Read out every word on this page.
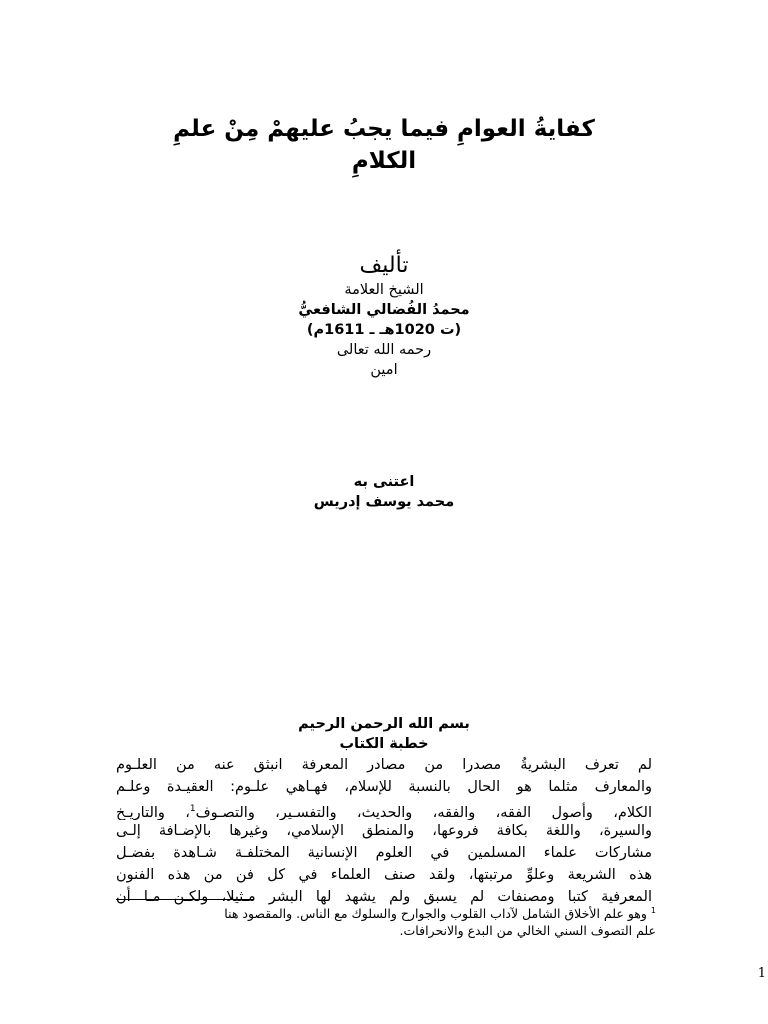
كفايةُ العوامِ فيما يجبُ عليهمْ مِنْ علمِ
الكلامِ
تأليف
الشيخ العلامة
محمدُ الفُضالي الشافعيُّ
(ت 1020هـ ـ 1611م)
رحمه الله تعالى
امين
اعتنى به
محمد يوسف إدريس
بسم الله الرحمن الرحيم
خطبة الكتاب
لم تعرف البشريةُ مصدرا من مصادر المعرفة انبثق عنه من العلـوم
والمعارف مثلما هو الحال بالنسبة للإسلام، فهـاهي علـوم: العقيـدة وعلـم
الكلام، وأصول الفقه، والفقه، والحديث، والتفسـير، والتصـوف$^1$، والتاريـخ
والسيرة، واللغة بكافة فروعها، والمنطق الإسلامي، وغيرها بالإضـافة إلـى
مشاركات علماء المسلمين في العلوم الإنسانية المختلفـة شـاهدة بفضـل
هذه الشريعة وعلوِّ مرتبتها، ولقد صنف العلماء في كل فن من هذه الفنون
المعرفية كتبا ومصنفات لم يسبق ولم يشهد لها البشر مـثيلا، ولكـن مـا أن
$^1$وهو علم الأخلاق الشامل لآداب القلوب والجوارح والسلوك مع الناس. والمقصود هنا
علم التصوف السني الخالي من البدع والانحرافات.
1
